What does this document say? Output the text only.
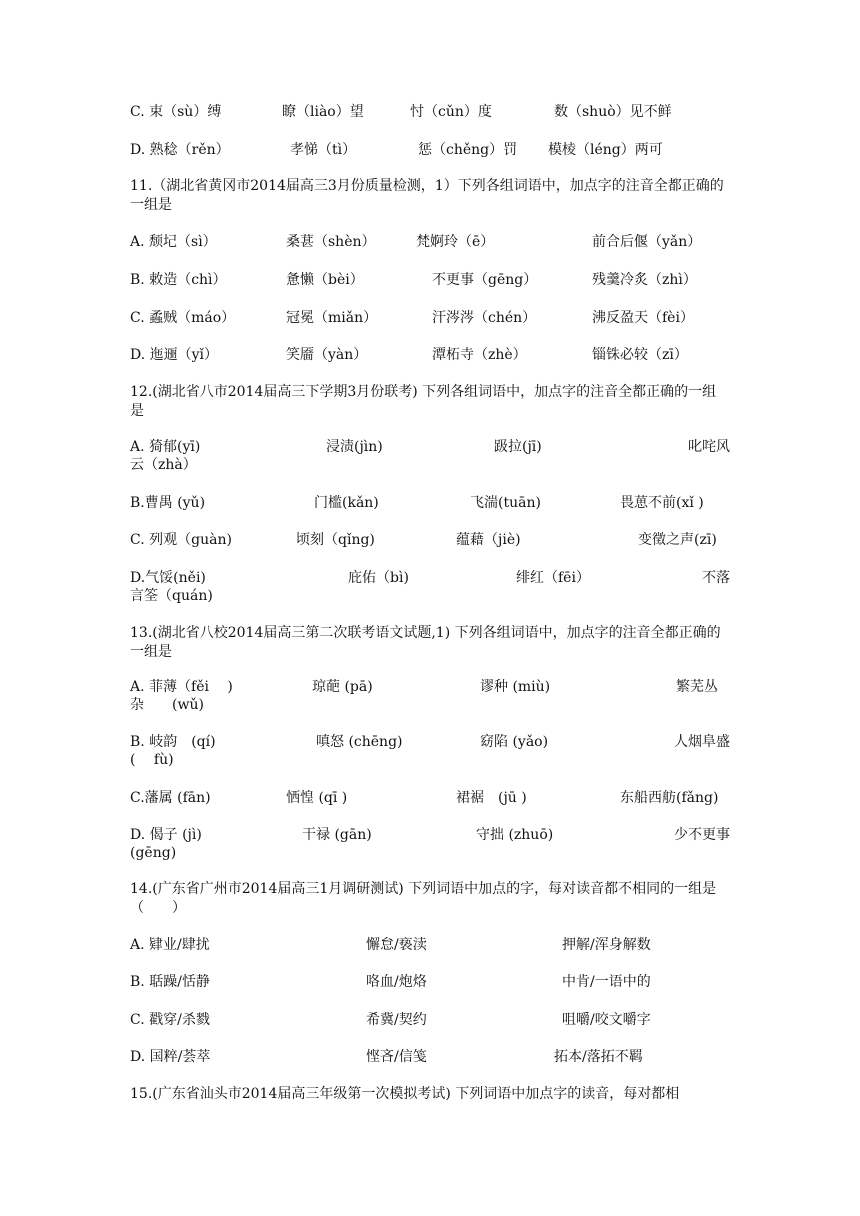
C. 束（sù）缚	瞭（liào）望	忖（cǔn）度	数（shuò）见不鲜
D. 熟稔（rěn）	孝悌（tì）	惩（chěng）罚 模棱（léng）两可
11.（湖北省黄冈市2014届高三3月份质量检测，1）下列各组词语中，加点字的注音全都正确的一组是
A. 颓圮（sì）	桑葚（shèn）	梵婀玲（ē）	前合后偃（yǎn）
B. 敕造（chì）	惫懒（bèi）	不更事（gēng）	残羹冷炙（zhì）
C. 蟊贼（máo）	冠冕（miǎn）	汗涔涔（chén）	沸反盈天（fèi）
D. 迤逦（yǐ）	笑靥（yàn）	潭柘寺（zhè）	锱铢必较（zī）
12.(湖北省八市2014届高三下学期3月份联考) 下列各组词语中，加点字的注音全都正确的一组是
A. 猗郁(yī)	浸渍(jìn)	趿拉(jī)	叱咤风
云（zhà）
B.曹禺 (yǔ)	门槛(kǎn)	飞湍(tuān)	畏葸不前(xǐ )
C. 列观（guàn)	顷刻（qǐng)	蕴藉（jiè)	变徵之声(zī)
D.气馁(něi)	庇佑（bì)	绯红（fēi）	不落
言筌（quán)
13.(湖北省八校2014届高三第二次联考语文试题,1) 下列各组词语中，加点字的注音全都正确的一组是
A. 菲薄（fěi　 )	琼葩 (pā)	谬种 (miù)	繁芜丛
杂　　(wǔ)
B. 岐韵　(qí)	嗔怒 (chēng)	窈陷 (yǎo)	人烟阜盛
(　 fù)
C.藩属 (fān)	恓惶 (qī )	裙裾　(jū )	东船西舫(fǎng)
D. 偈子 (jì)	干禄 (gān)	守拙 (zhuō)	少不更事
(gēng)
14.(广东省广州市2014届高三1月调研测试) 下列词语中加点的字，每对读音都不相同的一组是（　　）
A. 肄业/肆扰	懈怠/亵渎	押解/浑身解数
B. 聒躁/恬静	咯血/炮烙	中肯/一语中的
C. 戳穿/杀戮	希冀/契约	咀嚼/咬文嚼字
D. 国粹/荟萃	悭吝/信笺	拓本/落拓不羁
15.(广东省汕头市2014届高三年级第一次模拟考试) 下列词语中加点字的读音，每对都相
